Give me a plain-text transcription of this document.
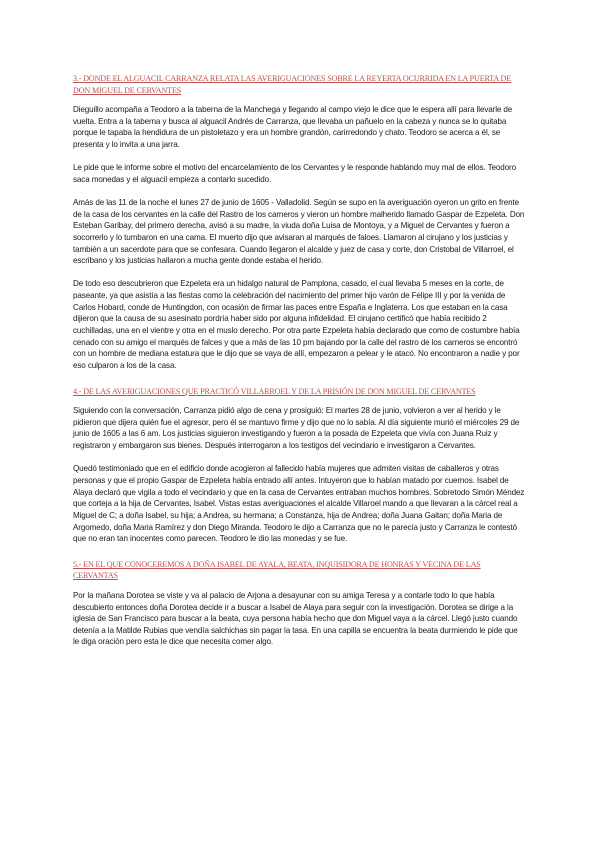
3.- DONDE EL ALGUACIL CARRANZA RELATA LAS AVERIGUACIONES SOBRE LA REYERTA OCURRIDA EN LA PUERTA DE DON MIGUEL DE CERVANTES

Dieguillo acompaña a Teodoro a la taberna de la Manchega y llegando al campo viejo le dice que le espera allí para llevarle de vuelta. Entra a la taberna y busca al alguacil Andrés de Carranza, que llevaba un pañuelo en la cabeza y nunca se lo quitaba porque le tapaba la hendidura de un pistoletazo y era un hombre grandón, carirredondo y chato. Teodoro se acerca a él, se presenta y lo invita a una jarra.

Le pide que le informe sobre el motivo del encarcelamiento de los Cervantes y le responde hablando muy mal de ellos. Teodoro saca monedas y el alguacil empieza a contarlo sucedido.

Amás de las 11 de la noche el lunes 27 de junio de 1605 - Valladolid. Según se supo en la averiguación oyeron un grito en frente de la casa de los cervantes en la calle del Rastro de los carneros y vieron un hombre malherido llamado Gaspar de Ezpeleta. Don Esteban Garibay, del primero derecha, avisó a su madre, la viuda doña Luisa de Montoya, y a Miguel de Cervantes y fueron a socorrerlo y lo tumbaron en una cama. El muerto dijo que avisaran al marqués de faloes. Llamaron al cirujano y los justicias y también a un sacerdote para que se confesara. Cuando llegaron el alcalde y juez de casa y corte, don Cristobal de Villarroel, el escribano y los justicias hallaron a mucha gente donde estaba el herido.

De todo eso descubrieron que Ezpeleta era un hidalgo natural de Pamplona, casado, el cual llevaba 5 meses en la corte, de paseante, ya que asistía a las fiestas como la celebración del nacimiento del primer hijo varón de Felipe III y por la venida de Carlos Hobard, conde de Huntingdon, con ocasión de firmar las paces entre España e Inglaterra. Los que estaban en la casa dijieron que la causa de su asesinato pordría haber sido por alguna infidelidad. El cirujano certificó que había recibido 2 cuchilladas, una en el vientre y otra en el muslo derecho. Por otra parte Ezpeleta había declarado que como de costumbre había cenado con su amigo el marqués de falces y que a más de las 10 pm bajando por la calle del rastro de los carneros se encontró con un hombre de mediana estatura que le dijo que se vaya de allí, empezaron a pelear y le atacó. No encontraron a nadie y por eso culparon a los de la casa.

4.- DE LAS AVERIGUACIONES QUE PRACTICÓ VILLARROEL Y DE LA PRISIÓN DE DON MIGUEL DE CERVANTES

Siguiendo con la conversación, Carranza pidió algo de cena y prosiguió: El martes 28 de junio, volvieron a ver al herido y le pidieron que dijera quién fue el agresor, pero él se mantuvo firme y dijo que no lo sabía. Al día siguiente murió el miércoles 29 de junio de 1605 a las 6 am. Los justicias siguieron investigando y fueron a la posada de Ezpeleta que vivía con Juana Ruiz y registraron y embargaron sus bienes. Después interrogaron a los testigos del vecindario e investigaron a Cervantes.

Quedó testimoniado que en el edificio donde acogieron al fallecido había mujeres que admiten visitas de caballeros y otras personas y que el propio Gaspar de Ezpeleta había entrado allí antes. Intuyeron que lo habían matado por cuernos. Isabel de Alaya declaró que vigila a todo el vecindario y que en la casa de Cervantes entraban muchos hombres. Sobretodo Simón Méndez que corteja a la hija de Cervantes, Isabel. Vistas estas averiguaciones el alcalde Villaroel mando a que llevaran a la cárcel real a Miguel de C; a doña Isabel, su hija; a Andrea, su hermana; a Constanza, hija de Andrea; doña Juana Gaitan; doña Maria de Argomedo, doña Maria Ramírez y don Diego Miranda. Teodoro le dijo a Carranza que no le parecía justo y Carranza le contestó que no eran tan inocentes como parecen. Teodoro le dio las monedas y se fue.

5.- EN EL QUE CONOCEREMOS A DOÑA ISABEL DE AYALA, BEATA, INQUISIDORA DE HONRAS Y VECINA DE LAS CERVANTAS

Por la mañana Dorotea se viste y va al palacio de Arjona a desayunar con su amiga Teresa y a contarle todo lo que había descubierto entonces doña Dorotea decide ir a buscar a Isabel de Alaya para seguir con la investigación. Dorotea se dirige a la iglesia de San Francisco para buscar a la beata, cuya persona había hecho que don Miguel vaya a la cárcel. Llegó justo cuando detenía a la Matilde Rubias que vendía salchichas sin pagar la tasa. En una capilla se encuentra la beata durmiendo le pide que le diga oración pero esta le dice que necesita comer algo.
